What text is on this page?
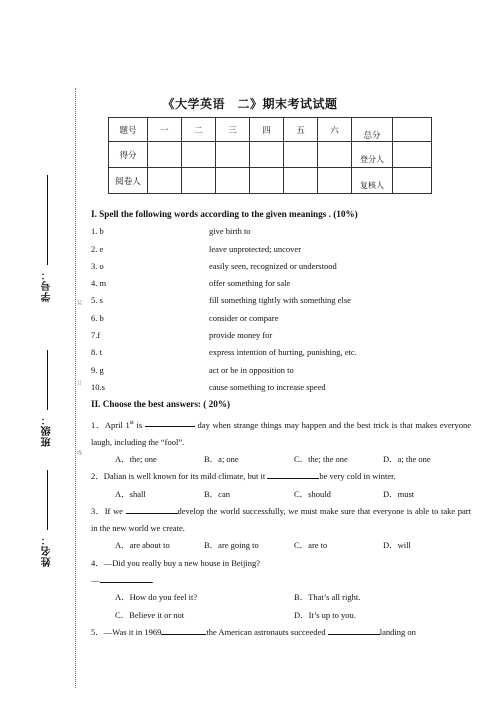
姓名：
班级：
学号：
装
订
线
《大学英语　二》期末考试试题
题号	一	二	三	四	五	六	总分	
得分							登分人	
阅卷人							复核人	
I. Spell the following words according to the given meanings . (10%)
1. b	give birth to
2. e	leave unprotected; uncover
3. o	easily seen, recognized or understood
4. m	offer something for sale
5. s	fill something tightly with something else
6. b	consider or compare
7.f	provide money for
8. t	express intention of hurting, punishing, etc.
9. g	act or be in opposition to
10.s	cause something to increase speed
II. Choose the best answers: ( 20%)
1．April 1st is	day when strange things may happen and the best trick is that makes everyone laugh, including the “fool”.
A．the; one	B．a; one	C．the; the one	D．a; the one
2．Dalian is well known for its mild climate, but it	be very cold in winter.
A．shall	B．can	C．should	D．must
3．If we	develop the world successfully, we must make sure that everyone is able to take part in the new world we create.
A．are about to	B．are going to	C．are to	D．will
4．—Did you really buy a new house in Beijing?
—	.
A．How do you feel it?	B．That’s all right.
C．Believe it or not	D．It’s up to you.
5．—Was it in 1969	the American astronauts succeeded	landing on
